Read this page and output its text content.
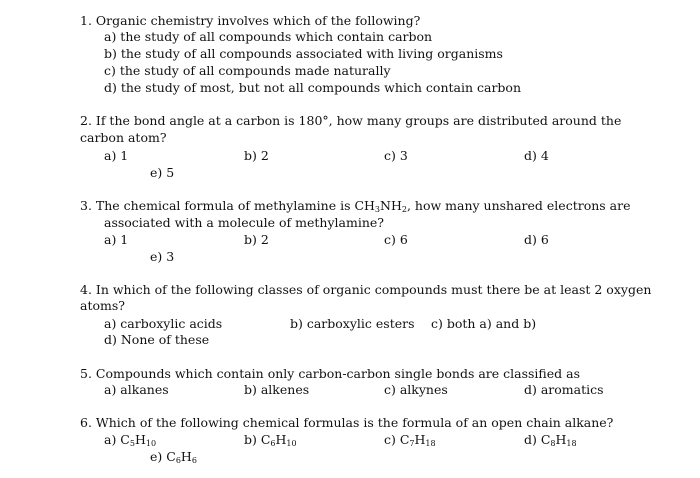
1. Organic chemistry involves which of the following?
a) the study of all compounds which contain carbon
b) the study of all compounds associated with living organisms
c) the study of all compounds made naturally
d) the study of most, but not all compounds which contain carbon
2. If the bond angle at a carbon is 180°, how many groups are distributed around the
carbon atom?
a) 1	b) 2	c) 3	d) 4
e) 5
3. The chemical formula of methylamine is $CH_3NH_2$, how many unshared electrons are
associated with a molecule of methylamine?
a) 1	b) 2	c) 6	d) 6
e) 3
4. In which of the following classes of organic compounds must there be at least 2 oxygen
atoms?
a) carboxylic acids	b) carboxylic esters c) both a) and b)
d) None of these
5. Compounds which contain only carbon-carbon single bonds are classified as
a) alkanes	b) alkenes	c) alkynes	d) aromatics
6. Which of the following chemical formulas is the formula of an open chain alkane?
a) $C_5H_{10}$	b) $C_6H_{10}$	c) $C_7H_{18}$	d) $C_8H_{18}$
e) $C_6H_6$
